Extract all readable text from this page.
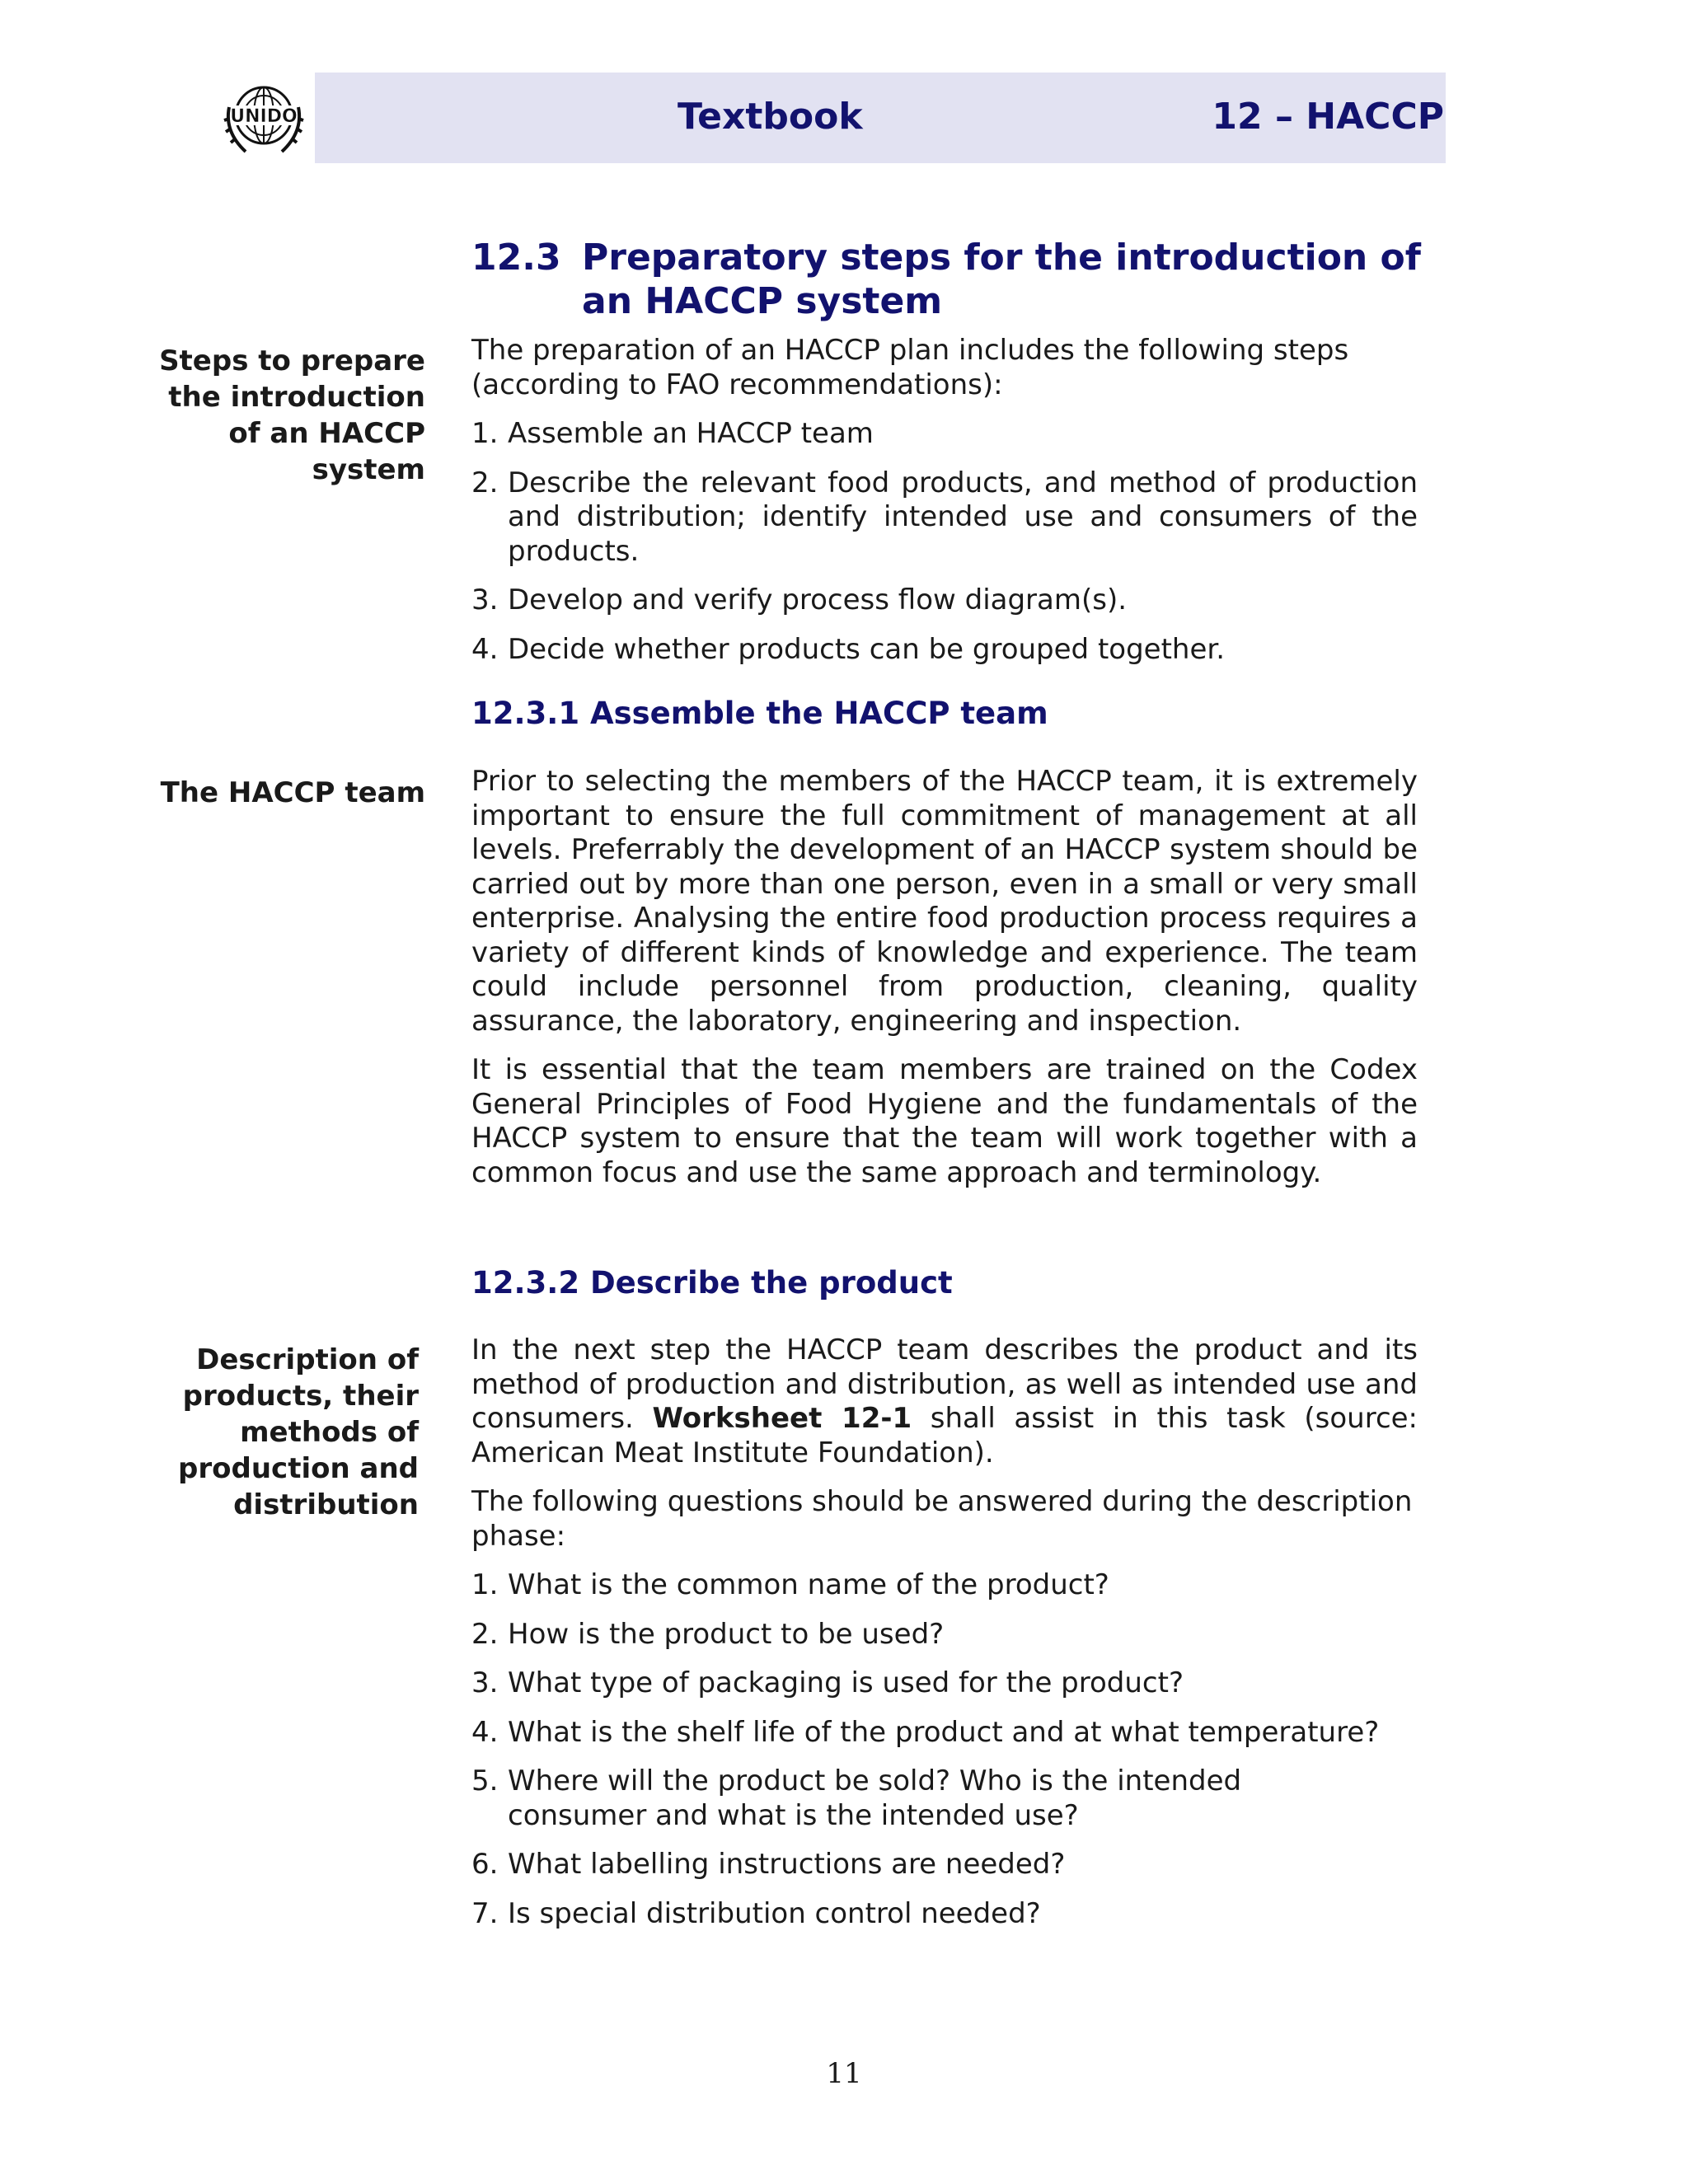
UNIDO	Textbook	12 – HACCP
12.3 Preparatory steps for the introduction of an HACCP system
Steps to prepare the introduction of an HACCP system

The preparation of an HACCP plan includes the following steps (according to FAO recommendations):

1. Assemble an HACCP team
2. Describe the relevant food products, and method of production and distribution; identify intended use and consumers of the products.
3. Develop and verify process flow diagram(s).
4. Decide whether products can be grouped together.
12.3.1 Assemble the HACCP team
The HACCP team Prior to selecting the members of the HACCP team, it is extremely important to ensure the full commitment of management at all levels. Preferrably the development of an HACCP system should be carried out by more than one person, even in a small or very small enterprise. Analysing the entire food production process requires a variety of different kinds of knowledge and experience. The team could include personnel from production, cleaning, quality assurance, the laboratory, engineering and inspection.

It is essential that the team members are trained on the Codex General Principles of Food Hygiene and the fundamentals of the HACCP system to ensure that the team will work together with a common focus and use the same approach and terminology.

12.3.2 Describe the product
Description of products, their methods of production and distribution

In the next step the HACCP team describes the product and its method of production and distribution, as well as intended use and consumers. Worksheet 12-1 shall assist in this task (source: American Meat Institute Foundation).

The following questions should be answered during the description phase:

1. What is the common name of the product?
2. How is the product to be used?
3. What type of packaging is used for the product?
4. What is the shelf life of the product and at what temperature?
5. Where will the product be sold? Who is the intended consumer and what is the intended use?
6. What labelling instructions are needed?
7. Is special distribution control needed?
11
